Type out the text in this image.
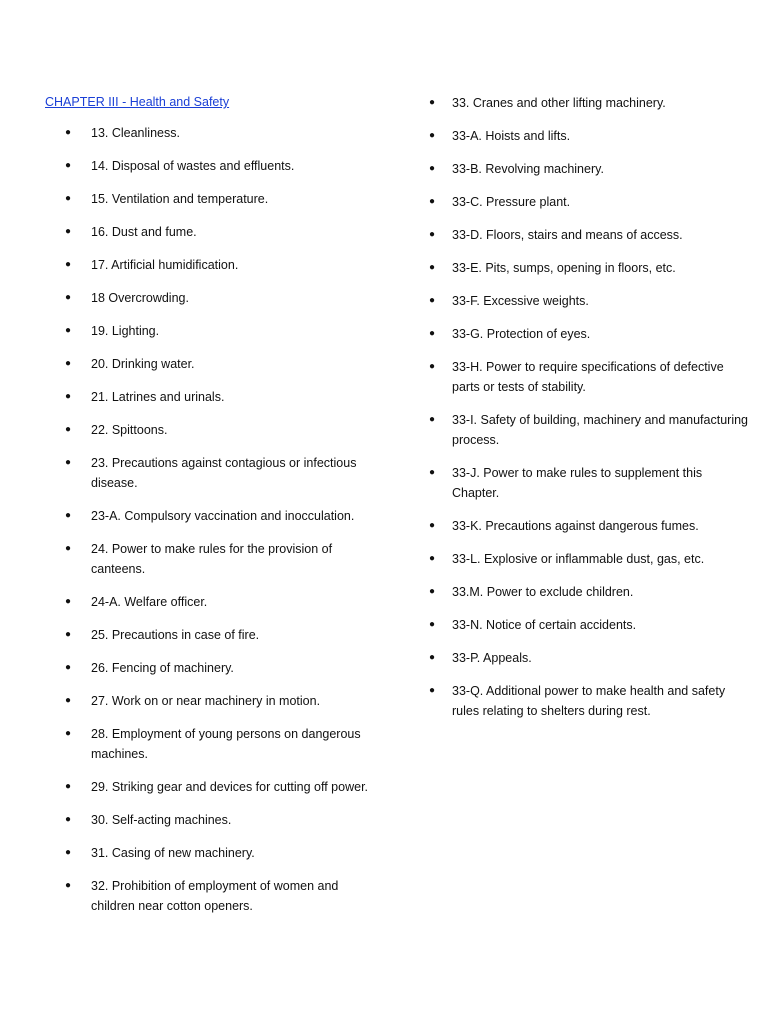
CHAPTER III - Health and Safety
● 13. Cleanliness.
● 14. Disposal of wastes and effluents.
● 15. Ventilation and temperature.
● 16. Dust and fume.
● 17. Artificial humidification.
● 18 Overcrowding.
● 19. Lighting.
● 20. Drinking water.
● 21. Latrines and urinals.
● 22. Spittoons.
● 23. Precautions against contagious or infectious disease.
● 23-A. Compulsory vaccination and inocculation.
● 24. Power to make rules for the provision of canteens.
● 24-A. Welfare officer.
● 25. Precautions in case of fire.
● 26. Fencing of machinery.
● 27. Work on or near machinery in motion.
● 28. Employment of young persons on dangerous machines.
● 29. Striking gear and devices for cutting off power.
● 30. Self-acting machines.
● 31. Casing of new machinery.
● 32. Prohibition of employment of women and children near cotton openers.
● 33. Cranes and other lifting machinery.
● 33-A. Hoists and lifts.
● 33-B. Revolving machinery.
● 33-C. Pressure plant.
● 33-D. Floors, stairs and means of access.
● 33-E. Pits, sumps, opening in floors, etc.
● 33-F. Excessive weights.
● 33-G. Protection of eyes.
● 33-H. Power to require specifications of defective parts or tests of stability.
● 33-I. Safety of building, machinery and manufacturing process.
● 33-J. Power to make rules to supplement this Chapter.
● 33-K. Precautions against dangerous fumes.
● 33-L. Explosive or inflammable dust, gas, etc.
● 33.M. Power to exclude children.
● 33-N. Notice of certain accidents.
● 33-P. Appeals.
● 33-Q. Additional power to make health and safety rules relating to shelters during rest.
